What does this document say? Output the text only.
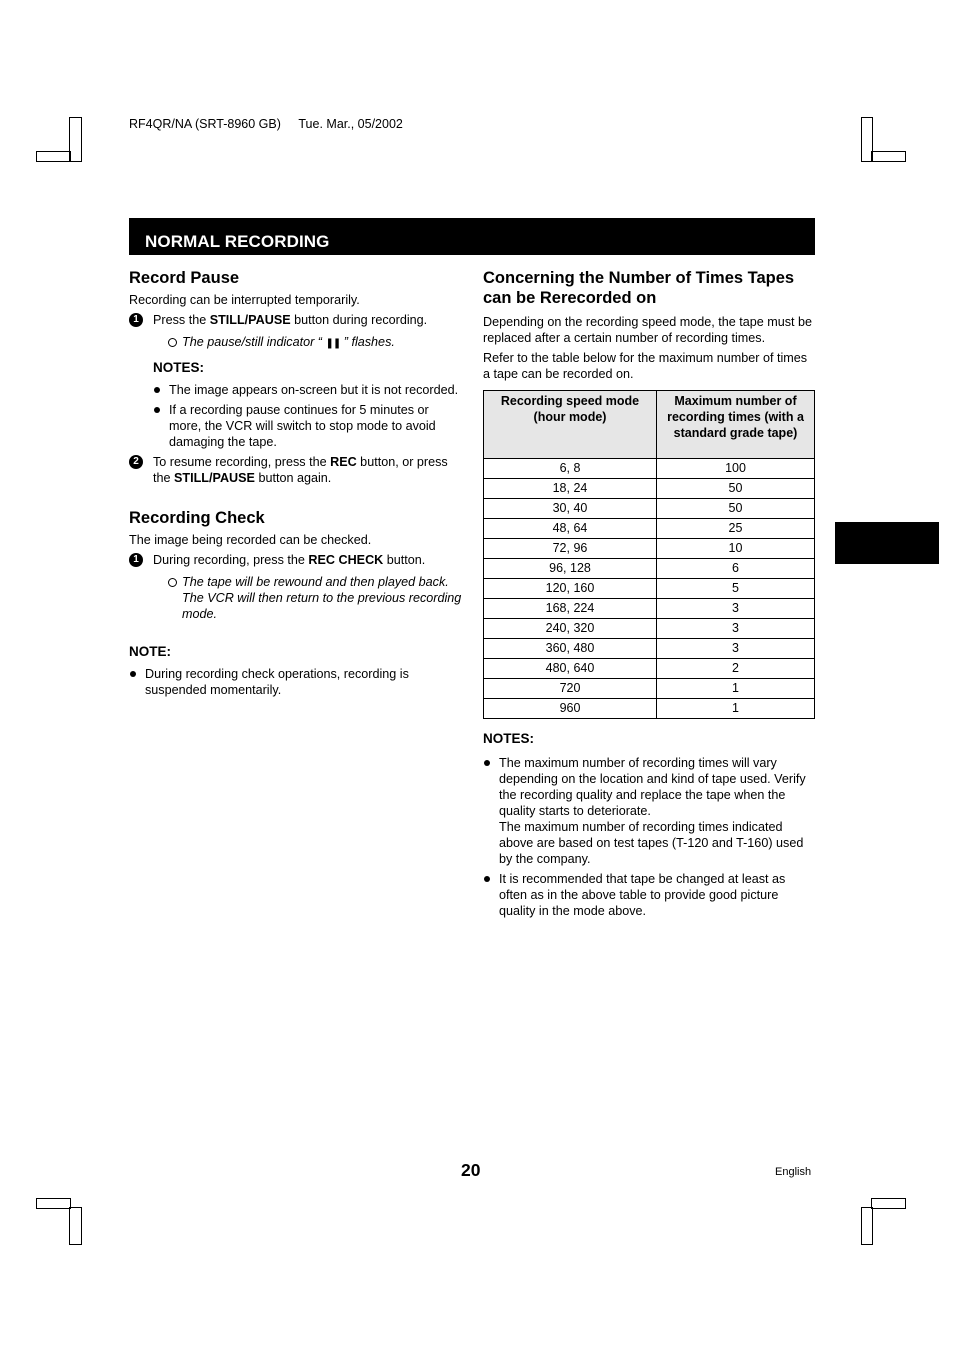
RF4QR/NA (SRT-8960 GB) Tue. Mar., 05/2002
NORMAL RECORDING
Record Pause

Recording can be interrupted temporarily.

1	Press the STILL/PAUSE button during recording.
The pause/still indicator “ ❚❚ ” flashes.
NOTES:
The image appears on-screen but it is not recorded.
If a recording pause continues for 5 minutes or more, the VCR will switch to stop mode to avoid damaging the tape.
2	To resume recording, press the REC button, or press the STILL/PAUSE button again.
Recording Check

The image being recorded can be checked.

1	During recording, press the REC CHECK button.
The tape will be rewound and then played back. The VCR will then return to the previous recording mode.
NOTE:
During recording check operations, recording is suspended momentarily.
Concerning the Number of Times Tapes can be Rerecorded on

Depending on the recording speed mode, the tape must be replaced after a certain number of recording times.

Refer to the table below for the maximum number of times a tape can be recorded on.

Recording speed mode (hour mode)	Maximum number of recording times (with a standard grade tape)
6, 8	100
18, 24	50
30, 40	50
48, 64	25
72, 96	10
96, 128	6
120, 160	5
168, 224	3
240, 320	3
360, 480	3
480, 640	2
720	1
960	1
NOTES:
The maximum number of recording times will vary depending on the location and kind of tape used. Verify the recording quality and replace the tape when the quality starts to deteriorate.
The maximum number of recording times indicated above are based on test tapes (T-120 and T-160) used by the company.
It is recommended that tape be changed at least as often as in the above table to provide good picture quality in the mode above.
20	English
